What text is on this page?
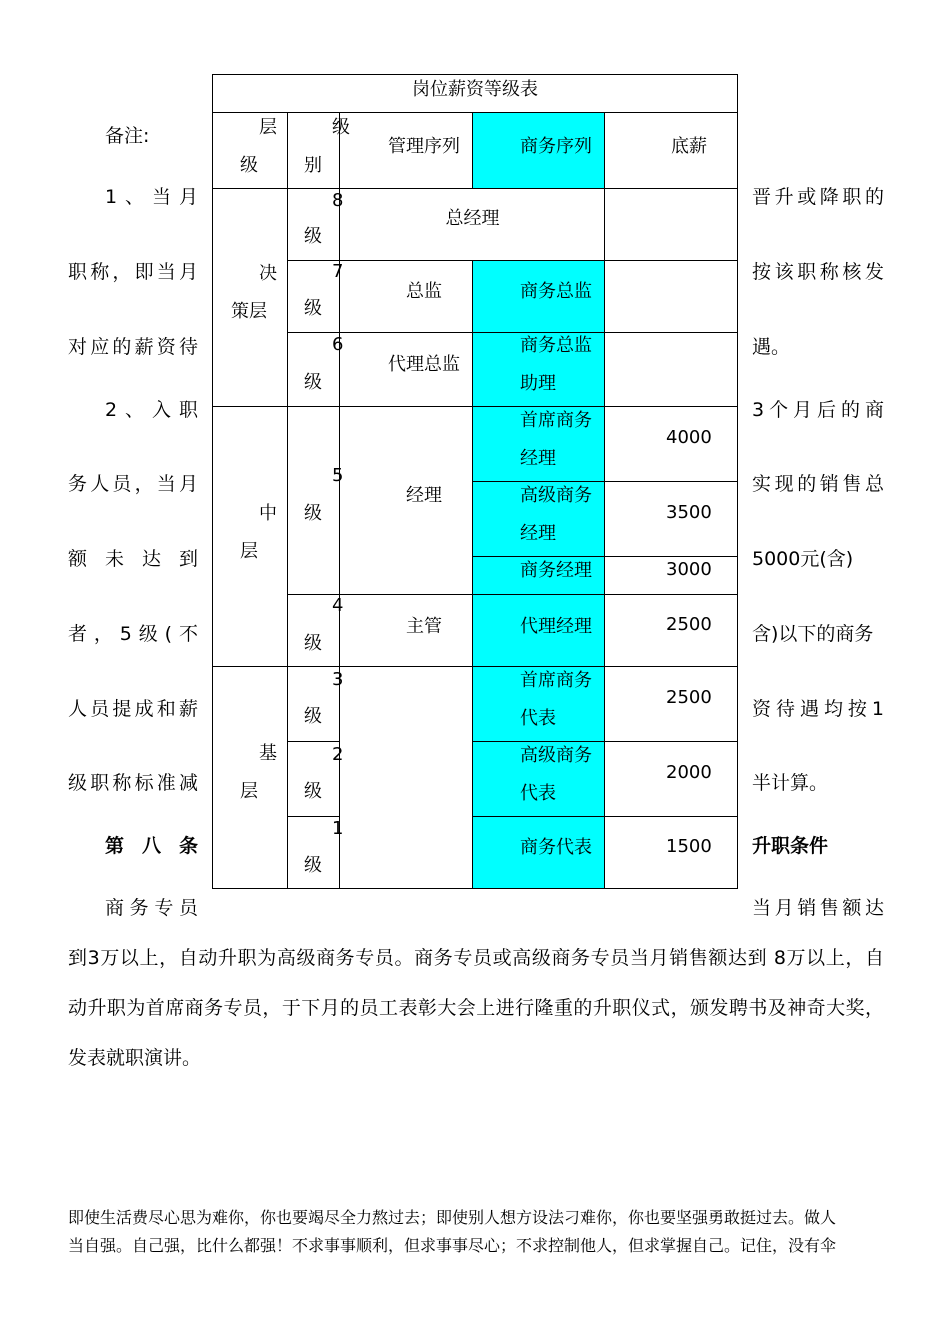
备注:
1、当月
职称，即当月
对应的薪资待
2、入职
务人员，当月
额未达到
者，5级(不
人员提成和薪
级职称标准减
第八条
商务专员
晋升或降职的
按该职称核发
遇。
3个月后的商
实现的销售总
5000元(含)
含)以下的商务
资待遇均按1
半计算。
升职条件
当月销售额达
到3万以上，自动升职为高级商务专员。商务专员或高级商务专员当月销售额达到 8万以上，自
动升职为首席商务专员，于下月的员工表彰大会上进行隆重的升职仪式，颁发聘书及神奇大奖，
发表就职演讲。
岗位薪资等级表
层
级
级
别
管理序列	商务序列	底薪
决
策层
中
层
基
层
8
级
7
级
6
级
5
级
4
级
3
级
2
级
1
级
总经理
总监
代理总监
经理
主管
商务总监
商务总监
助理
首席商务
经理
高级商务
经理
商务经理
代理经理
首席商务
代表
高级商务
代表
商务代表
4000
3500
3000
2500
2500
2000
1500
即使生活费尽心思为难你，你也要竭尽全力熬过去；即使别人想方设法刁难你，你也要坚强勇敢挺过去。做人
当自强。自己强，比什么都强！不求事事顺利，但求事事尽心；不求控制他人，但求掌握自己。记住，没有伞
